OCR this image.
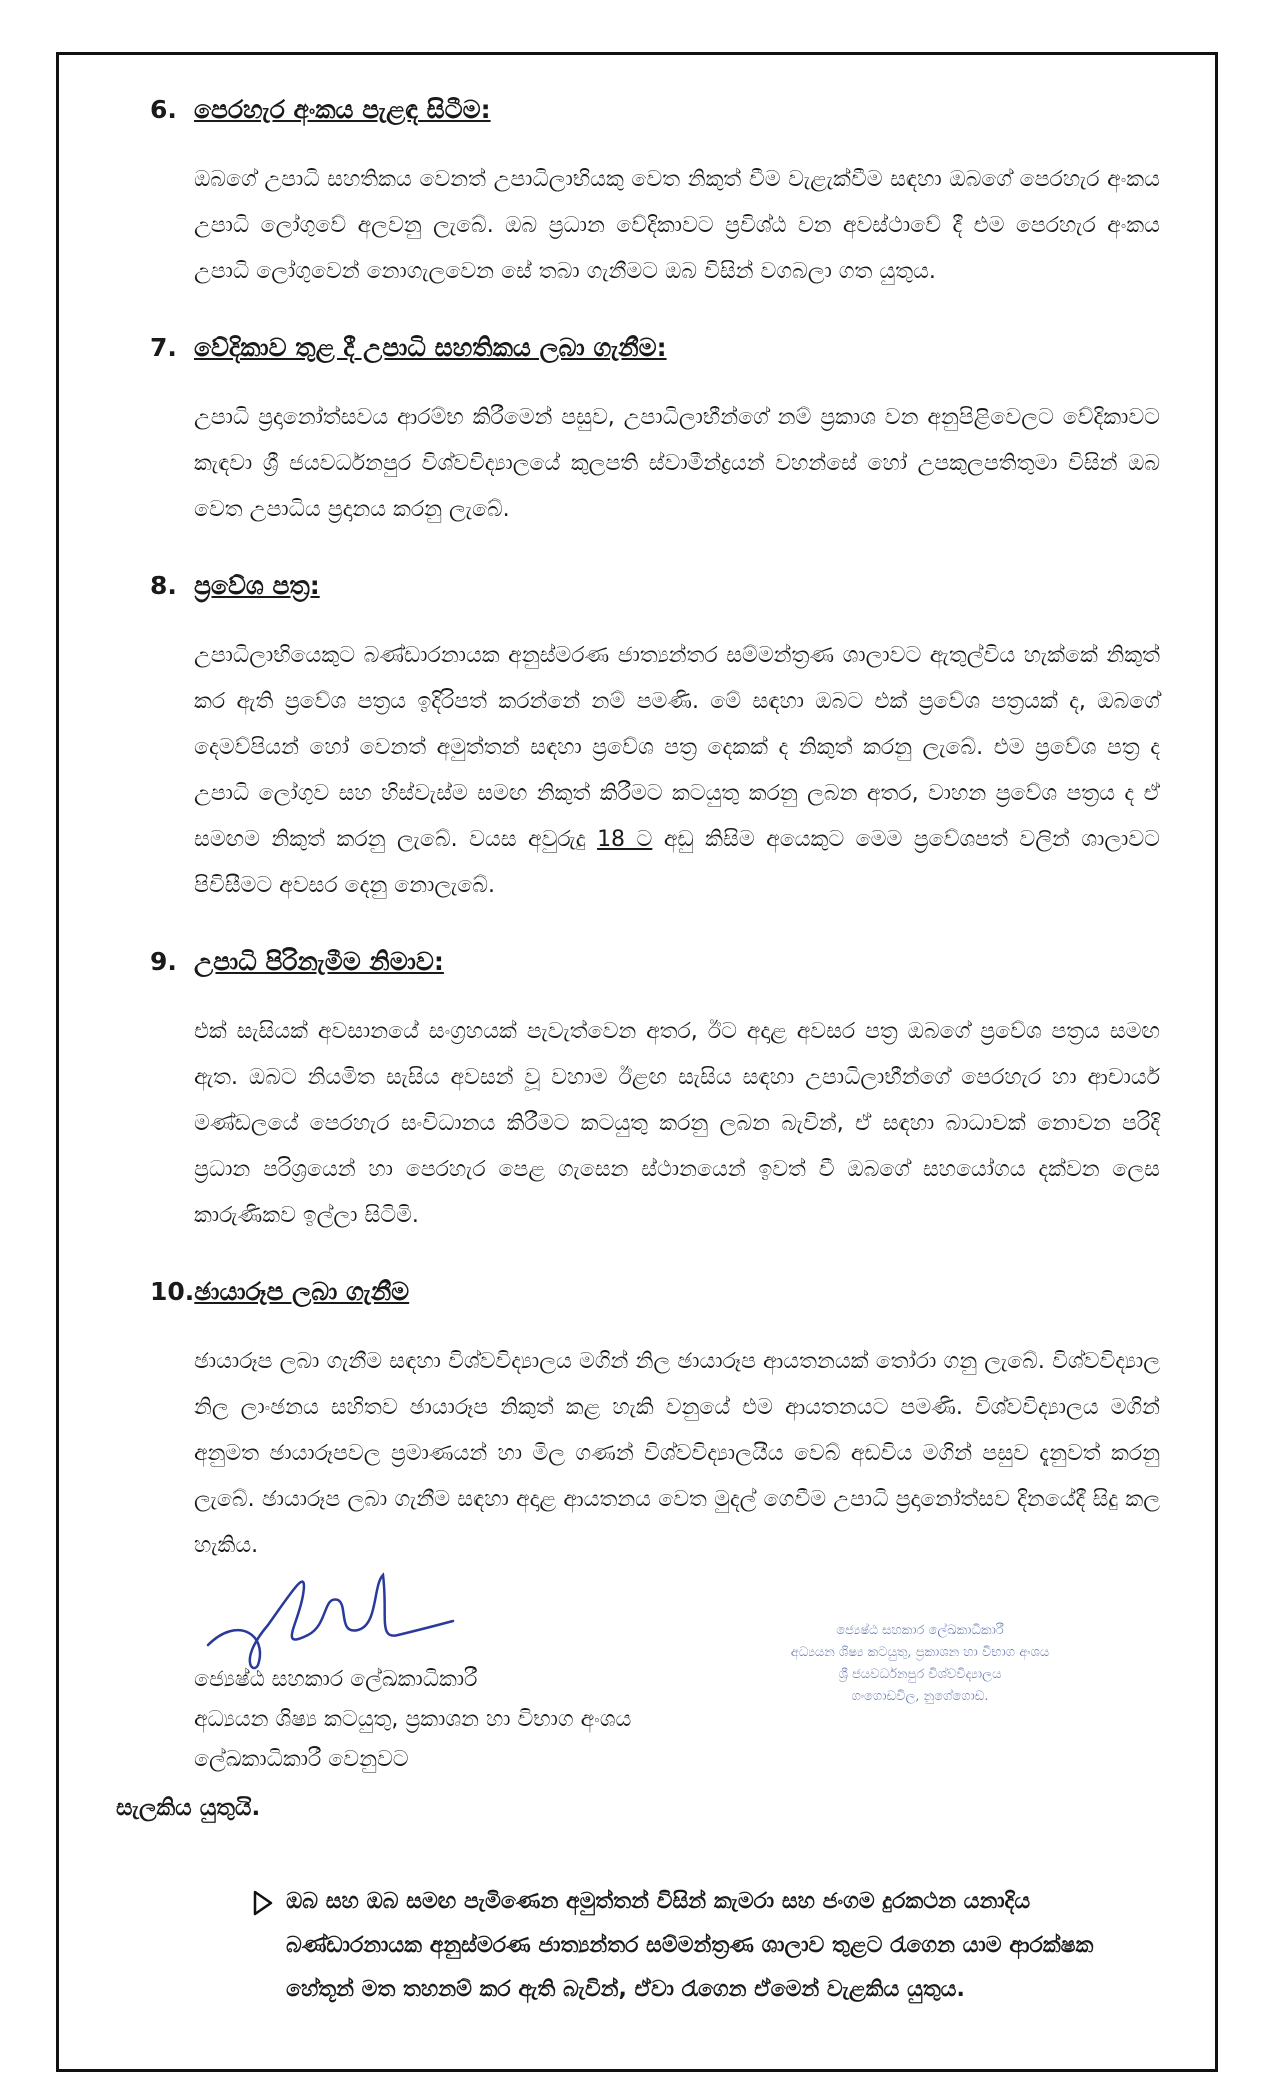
6. පෙරහැර අංකය පැළඳ සිටීම:
ඔබගේ උපාධි සහතිකය වෙනත් උපාධිලාභියකු වෙත නිකුත් වීම වැළැක්වීම සඳහා ඔබගේ පෙරහැර අංකය උපාධි ලෝගුවේ අලවනු ලැබේ. ඔබ ප්‍රධාන වේදිකාවට ප්‍රවිශ්ඨ වන අවස්ථාවේ දී එම පෙරහැර අංකය උපාධි ලෝගුවෙන් නොගැලවෙන සේ තබා ගැනීමට ඔබ විසින් වගබලා ගත යුතුය.
7. වේදිකාව තුළ දී උපාධි සහතිකය ලබා ගැනීම:
උපාධි ප්‍රදානෝත්සවය ආරම්භ කිරීමෙන් පසුව, උපාධිලාභීන්ගේ නම් ප්‍රකාශ වන අනුපිළිවෙලට වේදිකාවට කැඳවා ශ්‍රී ජයවර්ධනපුර විශ්වවිද්‍යාලයේ කුලපති ස්වාමීන්ද්‍රයන් වහන්සේ හෝ උපකුලපතිතුමා විසින් ඔබ වෙත උපාධිය ප්‍රදානය කරනු ලැබේ.
8. ප්‍රවේශ පත්‍ර:
උපාධිලාභියෙකුට බණ්ඩාරනායක අනුස්මරණ ජාත්‍යන්තර සම්මන්ත්‍රණ ශාලාවට ඇතුල්විය හැක්කේ නිකුත් කර ඇති ප්‍රවේශ පත්‍රය ඉදිරිපත් කරන්නේ නම් පමණි. මේ සඳහා ඔබට එක් ප්‍රවේශ පත්‍රයක් ද, ඔබගේ දෙමව්පියන් හෝ වෙනත් අමුත්තන් සඳහා ප්‍රවේශ පත්‍ර දෙකක් ද නිකුත් කරනු ලැබේ. එම ප්‍රවේශ පත්‍ර ද උපාධි ලෝගුව සහ හිස්වැස්ම සමඟ නිකුත් කිරීමට කටයුතු කරනු ලබන අතර, වාහන ප්‍රවේශ පත්‍රය ද ඒ සමඟම නිකුත් කරනු ලැබේ. වයස අවුරුදු 18 ට අඩු කිසිම අයෙකුට මෙම ප්‍රවේශපත් වලින් ශාලාවට පිවිසීමට අවසර දෙනු නොලැබේ.
9. උපාධි පිරිනැමීම නිමාව:
එක් සැසියක් අවසානයේ සංග්‍රහයක් පැවැත්වෙන අතර, ඊට අදාළ අවසර පත්‍ර ඔබගේ ප්‍රවේශ පත්‍රය සමඟ ඇත. ඔබට නියමිත සැසිය අවසන් වූ වහාම ඊළඟ සැසිය සඳහා උපාධිලාභීන්ගේ පෙරහැර හා ආචාර්ය මණ්ඩලයේ පෙරහැර සංවිධානය කිරීමට කටයුතු කරනු ලබන බැවින්, ඒ සඳහා බාධාවක් නොවන පරිදි ප්‍රධාන පරිශ්‍රයෙන් හා පෙරහැර පෙළ ගැසෙන ස්ථානයෙන් ඉවත් වී ඔබගේ සහයෝගය දක්වන ලෙස කාරුණිකව ඉල්ලා සිටිමි.
10. ඡායාරූප ලබා ගැනීම
ඡායාරූප ලබා ගැනීම සඳහා විශ්වවිද්‍යාලය මගින් නිල ඡායාරූප ආයතනයක් තෝරා ගනු ලැබේ. විශ්වවිද්‍යාල නිල ලාංඡනය සහිතව ඡායාරූප නිකුත් කළ හැකි වනුයේ එම ආයතනයට පමණි. විශ්වවිද්‍යාලය මගින් අනුමත ඡායාරූපවල ප්‍රමාණයන් හා මිල ගණන් විශ්වවිද්‍යාලයීය වෙබ් අඩවිය මගින් පසුව දැනුවත් කරනු ලැබේ. ඡායාරූප ලබා ගැනීම සඳහා අදාළ ආයතනය වෙත මුදල් ගෙවීම උපාධි ප්‍රදානෝත්සව දිනයේදී සිදු කල හැකිය.
ජ්‍යෙෂ්ඨ සහකාර ලේඛකාධිකාරී
අධ්‍යයන ශිෂ්‍ය කටයුතු, ප්‍රකාශන හා විභාග අංශය
ශ්‍රී ජයවර්ධනපුර විශ්වවිද්‍යාලය
ගංගොඩවිල, නුගේගොඩ.
ජ්‍යෙෂ්ඨ සහකාර ලේඛකාධිකාරී
අධ්‍යයන ශිෂ්‍ය කටයුතු, ප්‍රකාශන හා විභාග අංශය
ලේඛකාධිකාරී වෙනුවට
සැලකිය යුතුයි.
ඔබ සහ ඔබ සමඟ පැමිණෙන අමුත්තන් විසින් කැමරා සහ ජංගම දුරකථන යනාදිය බණ්ඩාරනායක අනුස්මරණ ජාත්‍යන්තර සම්මන්ත්‍රණ ශාලාව තුළට රැගෙන යාම ආරක්ෂක හේතූන් මත තහනම් කර ඇති බැවින්, ඒවා රැගෙන ඒමෙන් වැළකිය යුතුය.
